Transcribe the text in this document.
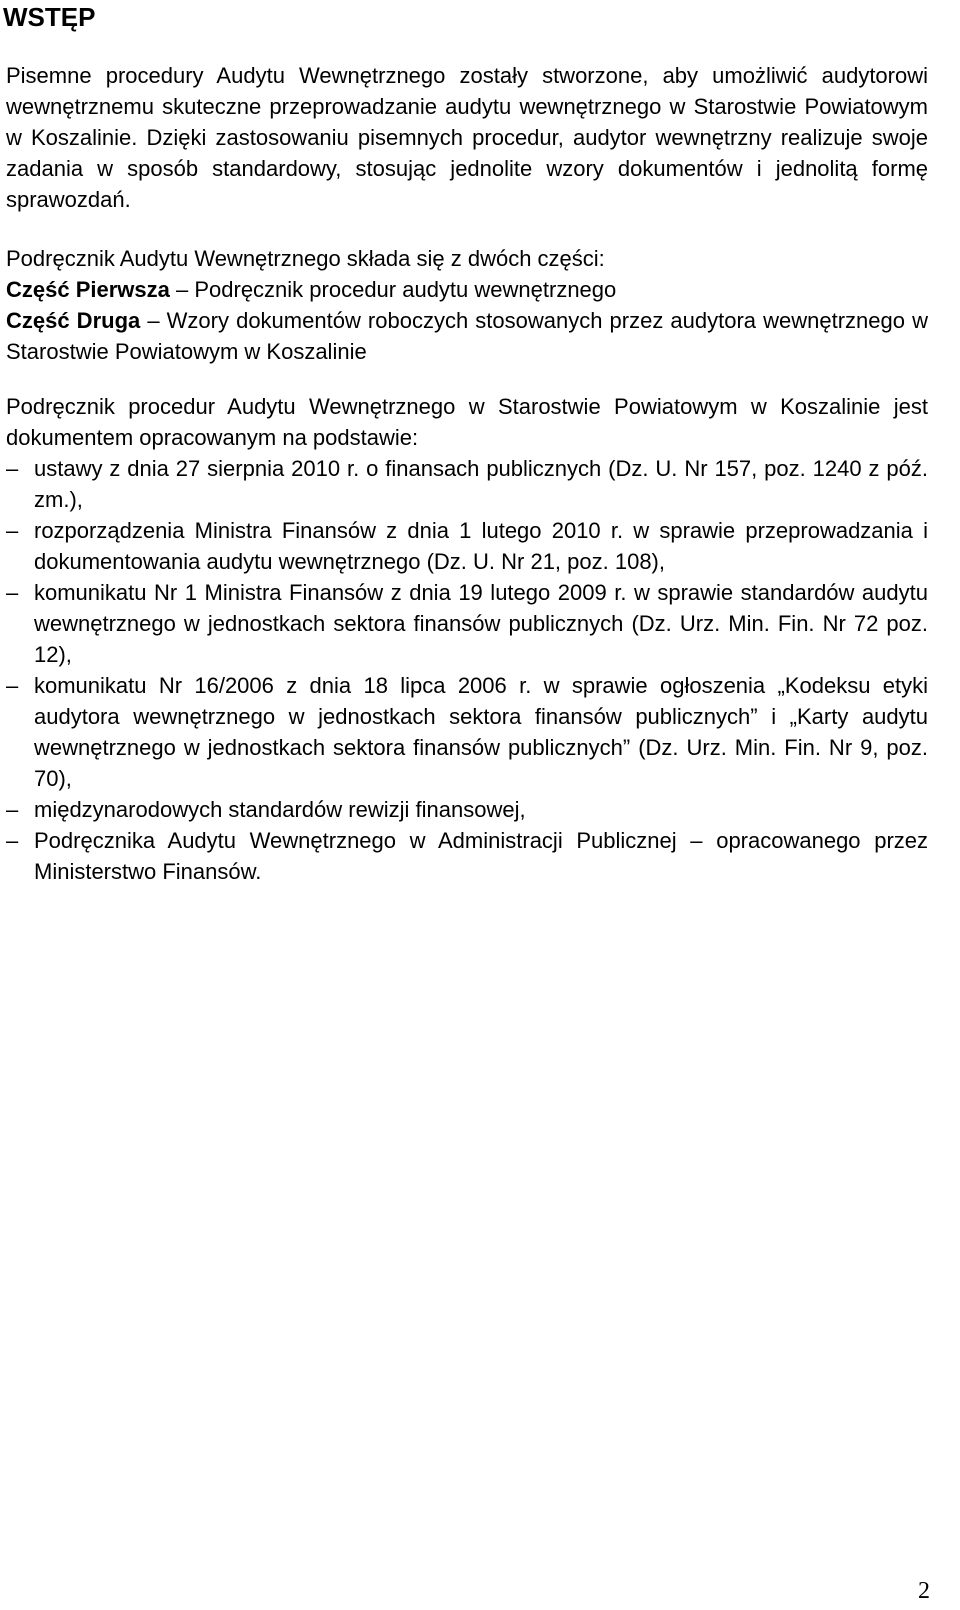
WSTĘP

Pisemne procedury Audytu Wewnętrznego zostały stworzone, aby umożliwić audytorowi wewnętrznemu skuteczne przeprowadzanie audytu wewnętrznego w Starostwie Powiatowym w Koszalinie. Dzięki zastosowaniu pisemnych procedur, audytor wewnętrzny realizuje swoje zadania w sposób standardowy, stosując jednolite wzory dokumentów i jednolitą formę sprawozdań.

Podręcznik Audytu Wewnętrznego składa się z dwóch części:

Część Pierwsza – Podręcznik procedur audytu wewnętrznego

Część Druga – Wzory dokumentów roboczych stosowanych przez audytora wewnętrznego w Starostwie Powiatowym w Koszalinie

Podręcznik procedur Audytu Wewnętrznego w Starostwie Powiatowym w Koszalinie jest dokumentem opracowanym na podstawie:

– ustawy z dnia 27 sierpnia 2010 r. o finansach publicznych (Dz. U. Nr 157, poz. 1240 z póź. zm.),
– rozporządzenia Ministra Finansów z dnia 1 lutego 2010 r. w sprawie przeprowadzania i dokumentowania audytu wewnętrznego (Dz. U. Nr 21, poz. 108),
– komunikatu Nr 1 Ministra Finansów z dnia 19 lutego 2009 r. w sprawie standardów audytu wewnętrznego w jednostkach sektora finansów publicznych (Dz. Urz. Min. Fin. Nr 72 poz. 12),
– komunikatu Nr 16/2006 z dnia 18 lipca 2006 r. w sprawie ogłoszenia „Kodeksu etyki audytora wewnętrznego w jednostkach sektora finansów publicznych” i „Karty audytu wewnętrznego w jednostkach sektora finansów publicznych” (Dz. Urz. Min. Fin. Nr 9, poz. 70),
– międzynarodowych standardów rewizji finansowej,
– Podręcznika Audytu Wewnętrznego w Administracji Publicznej – opracowanego przez Ministerstwo Finansów.
2
